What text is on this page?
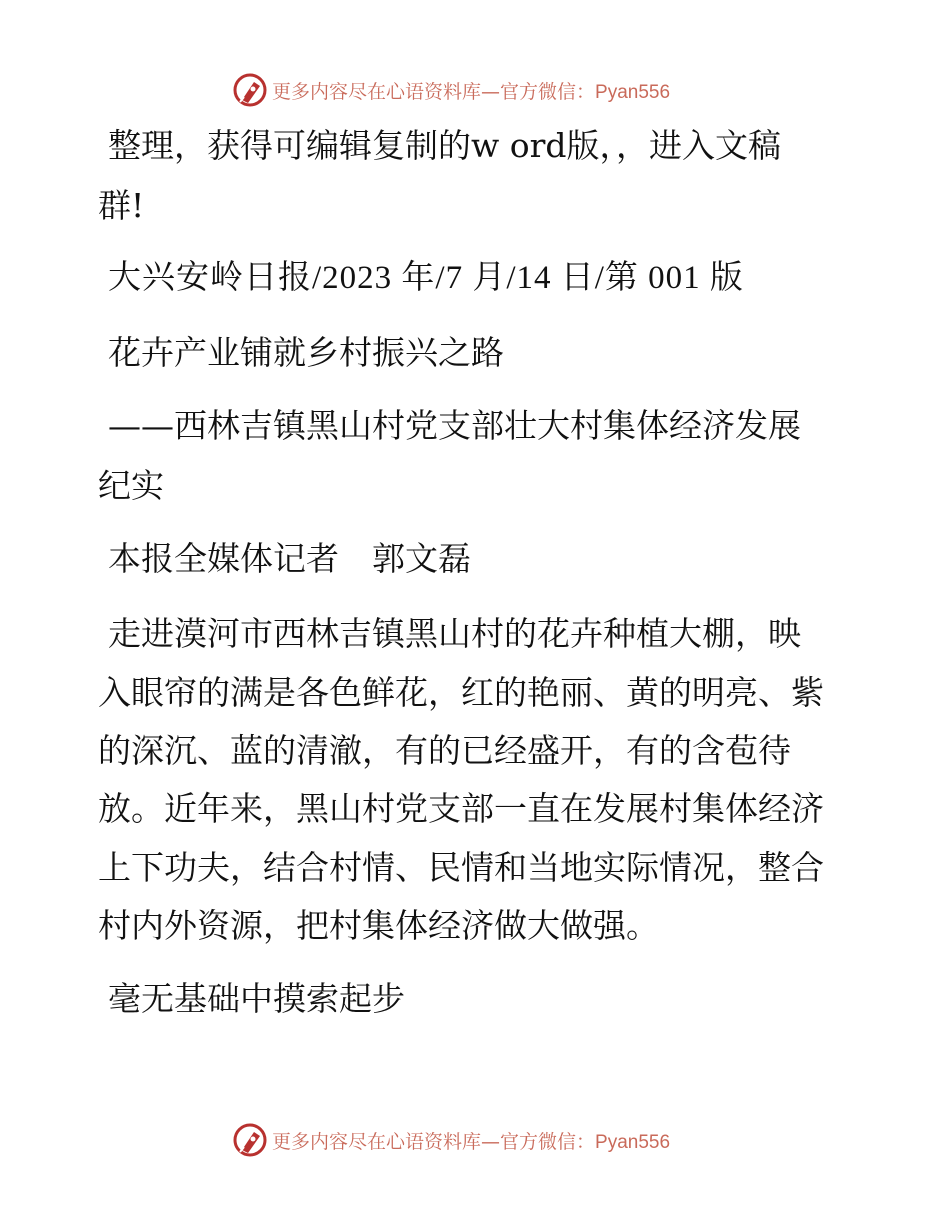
更多内容尽在心语资料库—官方微信：Pyan556
整理，获得可编辑复制的w ord版，，进入文稿
群!
大兴安岭日报/2023 年/7 月/14 日/第 001 版
花卉产业铺就乡村振兴之路
——西林吉镇黑山村党支部壮大村集体经济发展
纪实
本报全媒体记者　郭文磊
走进漠河市西林吉镇黑山村的花卉种植大棚，映
入眼帘的满是各色鲜花，红的艳丽、黄的明亮、紫
的深沉、蓝的清澈，有的已经盛开，有的含苞待
放。近年来，黑山村党支部一直在发展村集体经济
上下功夫，结合村情、民情和当地实际情况，整合
村内外资源，把村集体经济做大做强。
毫无基础中摸索起步
更多内容尽在心语资料库—官方微信：Pyan556
